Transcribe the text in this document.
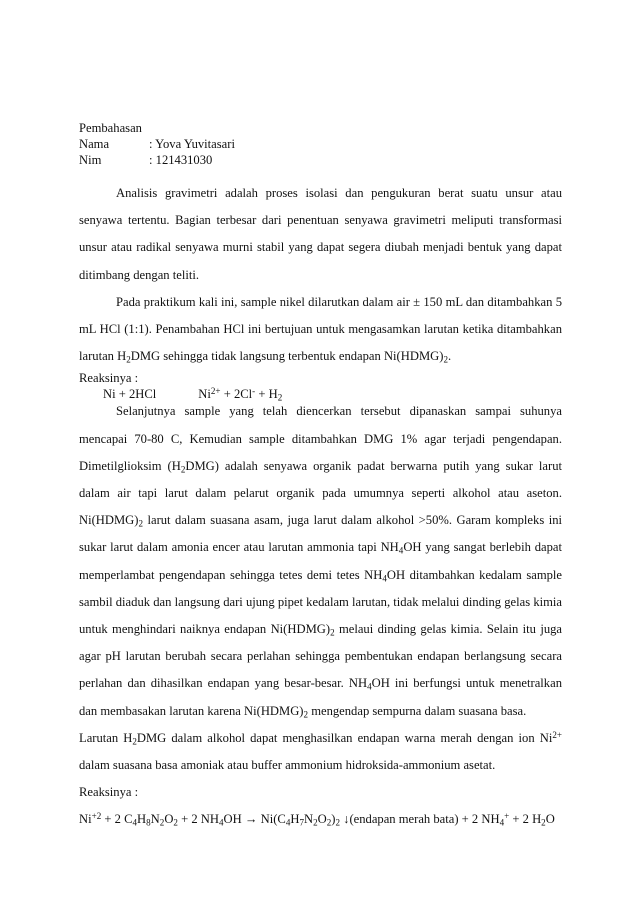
Pembahasan
Nama	: Yova Yuvitasari
Nim	: 121431030

Analisis gravimetri adalah proses isolasi dan pengukuran berat suatu unsur atau senyawa tertentu. Bagian terbesar dari penentuan senyawa gravimetri meliputi transformasi unsur atau radikal senyawa murni stabil yang dapat segera diubah menjadi bentuk yang dapat ditimbang dengan teliti.

Pada praktikum kali ini, sample nikel dilarutkan dalam air ± 150 mL dan ditambahkan 5 mL HCl (1:1). Penambahan HCl ini bertujuan untuk mengasamkan larutan ketika ditambahkan larutan $H_2DMG$ sehingga tidak langsung terbentuk endapan $Ni(HDMG)_2$.

Reaksinya :

Ni + 2HCl	$Ni^{2+} + 2Cl^- + H_2$

Selanjutnya sample yang telah diencerkan tersebut dipanaskan sampai suhunya mencapai 70-80 C, Kemudian sample ditambahkan DMG 1% agar terjadi pengendapan. Dimetilglioksim $(H_2DMG)$ adalah senyawa organik padat berwarna putih yang sukar larut dalam air tapi larut dalam pelarut organik pada umumnya seperti alkohol atau aseton. $Ni(HDMG)_2$ larut dalam suasana asam, juga larut dalam alkohol >50%. Garam kompleks ini sukar larut dalam amonia encer atau larutan ammonia tapi $NH_4OH$ yang sangat berlebih dapat memperlambat pengendapan sehingga tetes demi tetes $NH_4OH$ ditambahkan kedalam sample sambil diaduk dan langsung dari ujung pipet kedalam larutan, tidak melalui dinding gelas kimia untuk menghindari naiknya endapan $Ni(HDMG)_2$ melaui dinding gelas kimia. Selain itu juga agar pH larutan berubah secara perlahan sehingga pembentukan endapan berlangsung secara perlahan dan dihasilkan endapan yang besar-besar. $NH_4OH$ ini berfungsi untuk menetralkan dan membasakan larutan karena $Ni(HDMG)_2$ mengendap sempurna dalam suasana basa.

Larutan $H_2DMG$ dalam alkohol dapat menghasilkan endapan warna merah dengan ion $Ni^{2+}$ dalam suasana basa amoniak atau buffer ammonium hidroksida-ammonium asetat.

Reaksinya :

$Ni^{+2} + 2$ $C_4H_8N_2O_2 + 2$ $NH_4OH \to Ni(C_4H_7N_2O_2)_2$ ↓(endapan merah bata) + 2 $NH_4^+ + 2$ $H_2O$
